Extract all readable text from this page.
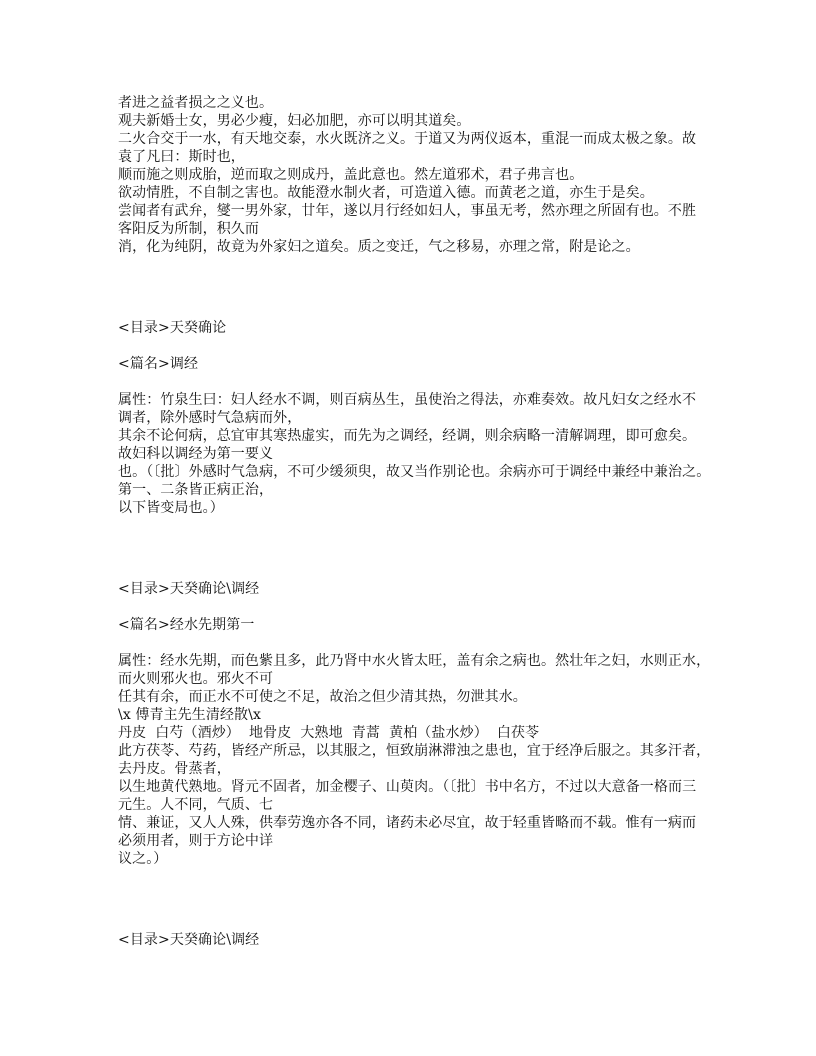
者进之益者损之之义也。
观夫新婚士女，男必少瘦，妇必加肥，亦可以明其道矣。
二火合交于一水，有天地交泰，水火既济之义。于道又为两仪返本，重混一而成太极之象。故
袁了凡曰：斯时也，
顺而施之则成胎，逆而取之则成丹，盖此意也。然左道邪术，君子弗言也。
欲动情胜，不自制之害也。故能澄水制火者，可造道入德。而黄老之道，亦生于是矣。
尝闻者有武弁，燮一男外家，廿年，遂以月行经如妇人，事虽无考，然亦理之所固有也。不胜
客阳反为所制，积久而
消，化为纯阴，故竟为外家妇之道矣。质之变迁，气之移易，亦理之常，附是论之。
<目录>天癸确论
<篇名>调经
属性：竹泉生曰：妇人经水不调，则百病丛生，虽使治之得法，亦难奏效。故凡妇女之经水不
调者，除外感时气急病而外，
其余不论何病，总宜审其寒热虚实，而先为之调经，经调，则余病略一清解调理，即可愈矣。
故妇科以调经为第一要义
也。（〔批〕外感时气急病，不可少缓须臾，故又当作别论也。余病亦可于调经中兼经中兼治之。
第一、二条皆正病正治，
以下皆变局也。）
<目录>天癸确论\调经
<篇名>经水先期第一
属性：经水先期，而色紫且多，此乃肾中水火皆太旺，盖有余之病也。然壮年之妇，水则正水，
而火则邪火也。邪火不可
任其有余，而正水不可使之不足，故治之但少清其热，勿泄其水。
\x 傅青主先生清经散\x
丹皮  白芍（酒炒）  地骨皮  大熟地  青蒿  黄柏（盐水炒）  白茯苓
此方茯苓、芍药，皆经产所忌，以其服之，恒致崩淋滞浊之患也，宜于经净后服之。其多汗者，
去丹皮。骨蒸者，
以生地黄代熟地。肾元不固者，加金樱子、山萸肉。（〔批〕书中名方，不过以大意备一格而三
元生。人不同，气质、七
情、兼证，又人人殊，供奉劳逸亦各不同，诸药未必尽宜，故于轻重皆略而不载。惟有一病而
必须用者，则于方论中详
议之。）
<目录>天癸确论\调经
